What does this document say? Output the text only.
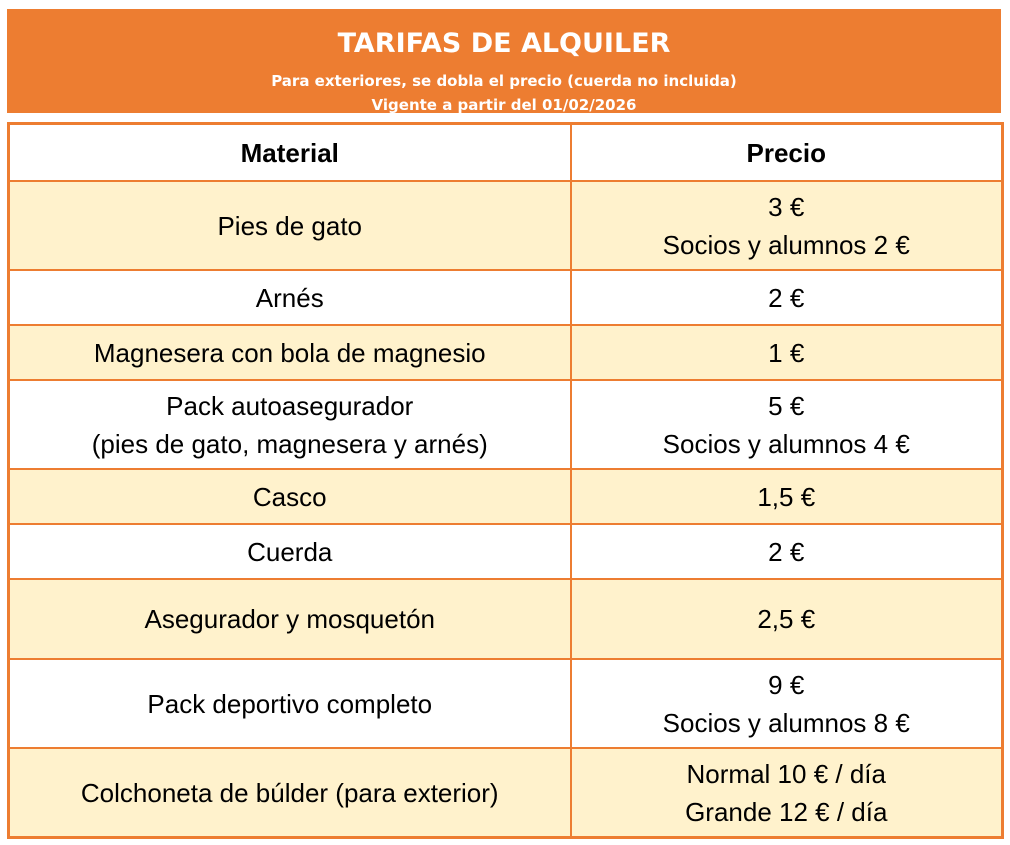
TARIFAS DE ALQUILER
Para exteriores, se dobla el precio (cuerda no incluida)
Vigente a partir del 01/02/2026
Material	Precio

Pies de gato	3 €
Socios y alumnos 2 €

Arnés	2 €

Magnesera con bola de magnesio	1 €

Pack autoasegurador
(pies de gato, magnesera y arnés)	5 €
Socios y alumnos 4 €

Casco	1,5 €

Cuerda	2 €

Asegurador y mosquetón	2,5 €

Pack deportivo completo	9 €
Socios y alumnos 8 €

Colchoneta de búlder (para exterior)	Normal 10 € / día
Grande 12 € / día
